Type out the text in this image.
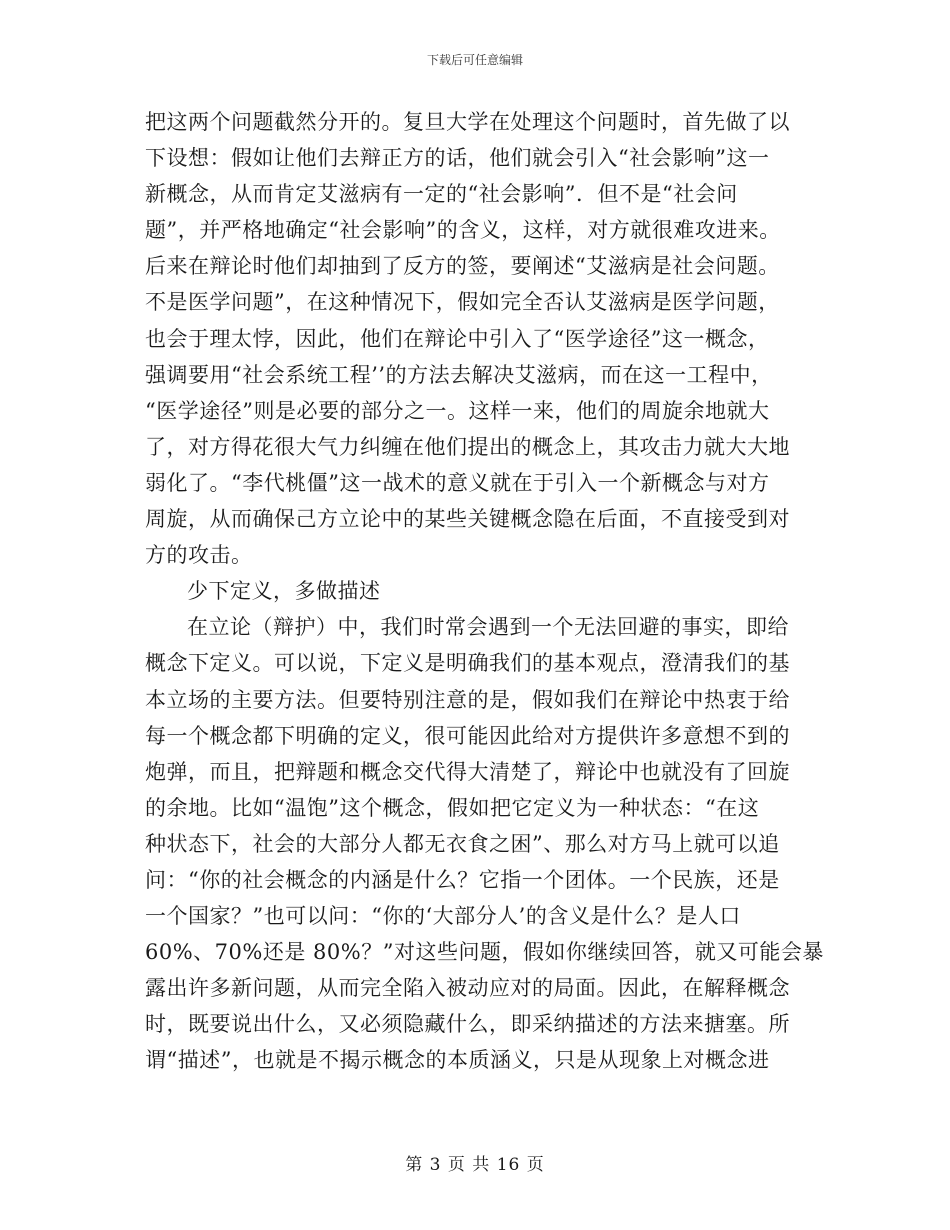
下载后可任意编辑
把这两个问题截然分开的。复旦大学在处理这个问题时，首先做了以
下设想：假如让他们去辩正方的话，他们就会引入“社会影响”这一
新概念，从而肯定艾滋病有一定的“社会影响”．但不是“社会问
题”，并严格地确定“社会影响”的含义，这样，对方就很难攻进来。
后来在辩论时他们却抽到了反方的签，要阐述“艾滋病是社会问题。
不是医学问题”，在这种情况下，假如完全否认艾滋病是医学问题，
也会于理太悖，因此，他们在辩论中引入了“医学途径”这一概念，
强调要用“社会系统工程’’的方法去解决艾滋病，而在这一工程中，
“医学途径”则是必要的部分之一。这样一来，他们的周旋余地就大
了，对方得花很大气力纠缠在他们提出的概念上，其攻击力就大大地
弱化了。“李代桃僵”这一战术的意义就在于引入一个新概念与对方
周旋，从而确保己方立论中的某些关键概念隐在后面，不直接受到对
方的攻击。
少下定义，多做描述
在立论（辩护）中，我们时常会遇到一个无法回避的事实，即给
概念下定义。可以说，下定义是明确我们的基本观点，澄清我们的基
本立场的主要方法。但要特别注意的是，假如我们在辩论中热衷于给
每一个概念都下明确的定义，很可能因此给对方提供许多意想不到的
炮弹，而且，把辩题和概念交代得大清楚了，辩论中也就没有了回旋
的余地。比如“温饱”这个概念，假如把它定义为一种状态：“在这
种状态下，社会的大部分人都无衣食之困”、那么对方马上就可以追
问：“你的社会概念的内涵是什么？它指一个团体。一个民族，还是
一个国家？”也可以问：“你的‘大部分人’的含义是什么？是人口
60%、70%还是 80%？”对这些问题，假如你继续回答，就又可能会暴
露出许多新问题，从而完全陷入被动应对的局面。因此，在解释概念
时，既要说出什么，又必须隐藏什么，即采纳描述的方法来搪塞。所
谓“描述”，也就是不揭示概念的本质涵义，只是从现象上对概念进
第 3 页 共 16 页
